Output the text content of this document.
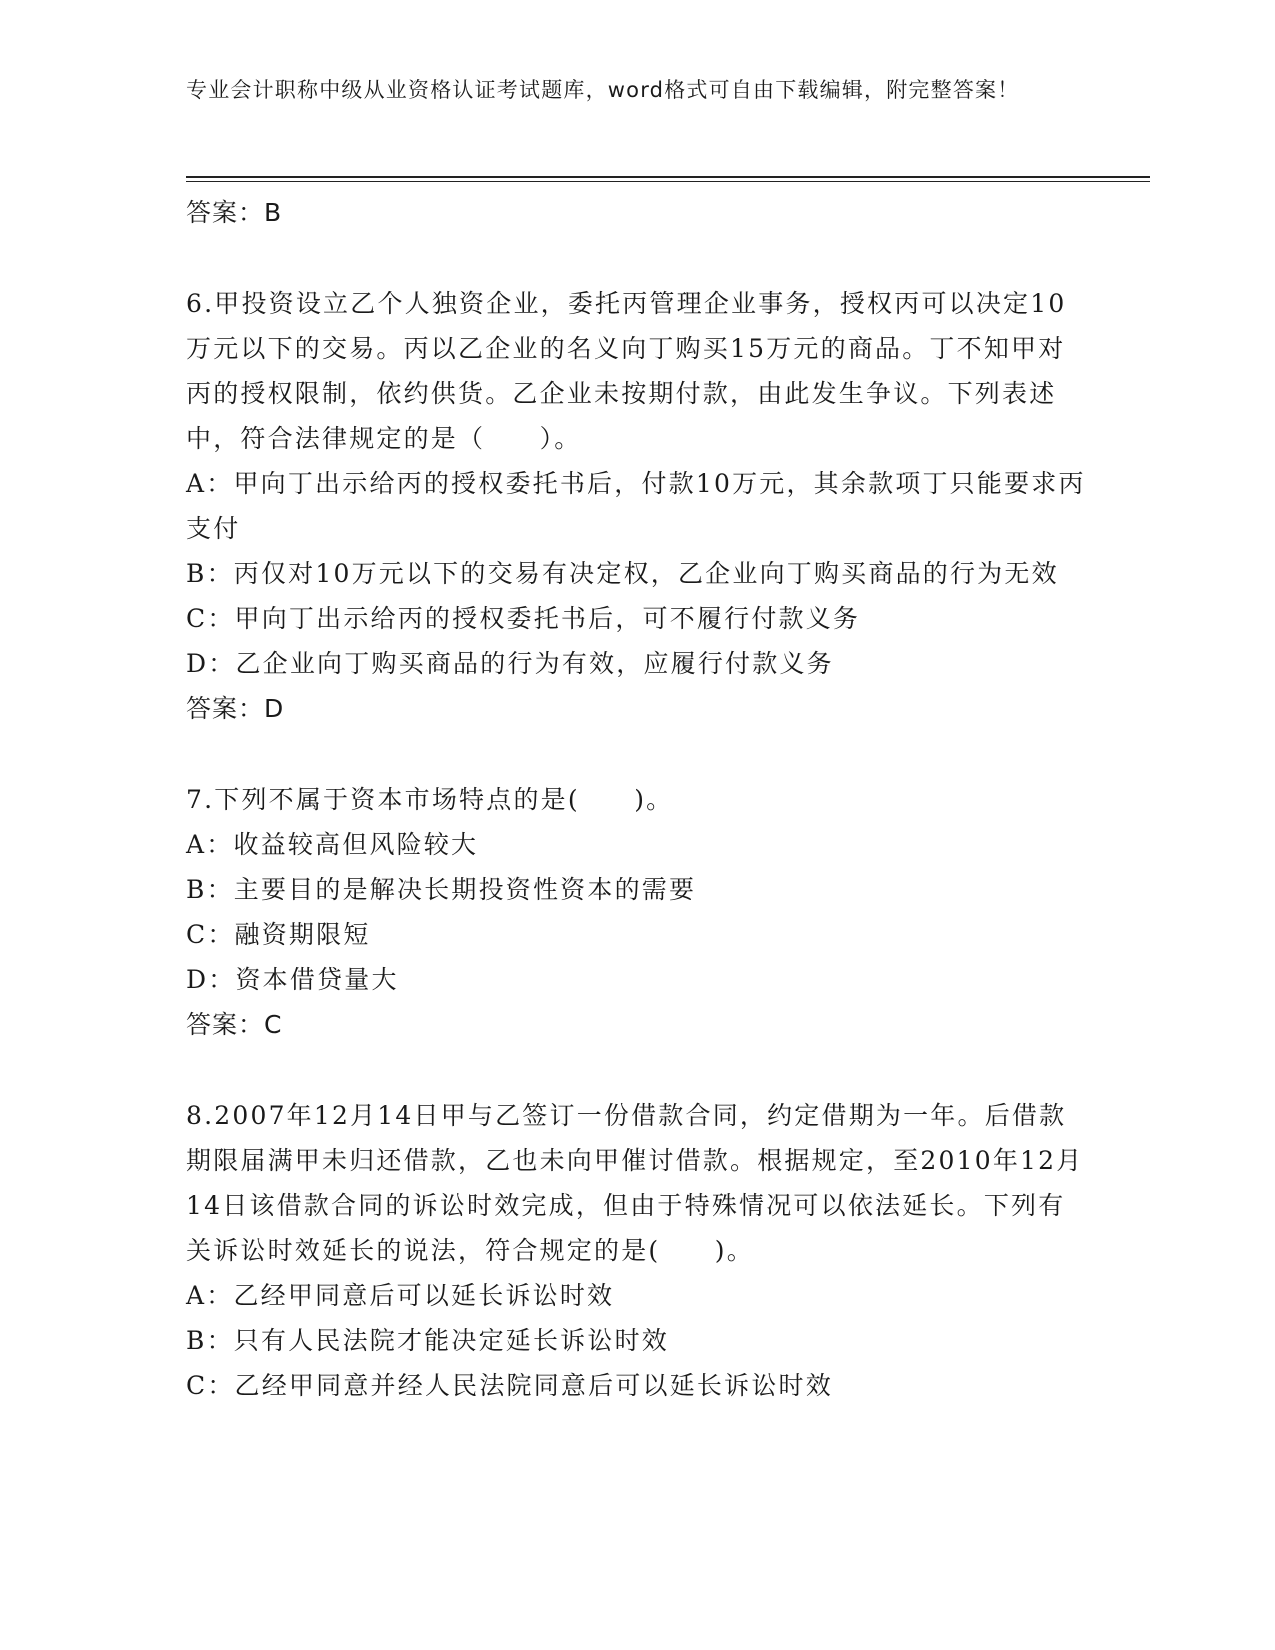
专业会计职称中级从业资格认证考试题库，word格式可自由下载编辑，附完整答案！
答案：B
6.甲投资设立乙个人独资企业，委托丙管理企业事务，授权丙可以决定10万元以下的交易。丙以乙企业的名义向丁购买15万元的商品。丁不知甲对丙的授权限制，依约供货。乙企业未按期付款，由此发生争议。下列表述中，符合法律规定的是（　　）。
A：甲向丁出示给丙的授权委托书后，付款10万元，其余款项丁只能要求丙支付
B：丙仅对10万元以下的交易有决定权，乙企业向丁购买商品的行为无效
C：甲向丁出示给丙的授权委托书后，可不履行付款义务
D：乙企业向丁购买商品的行为有效，应履行付款义务
答案：D
7.下列不属于资本市场特点的是(　　)。
A：收益较高但风险较大
B：主要目的是解决长期投资性资本的需要
C：融资期限短
D：资本借贷量大
答案：C
8.2007年12月14日甲与乙签订一份借款合同，约定借期为一年。后借款期限届满甲未归还借款，乙也未向甲催讨借款。根据规定，至2010年12月14日该借款合同的诉讼时效完成，但由于特殊情况可以依法延长。下列有关诉讼时效延长的说法，符合规定的是(　　)。
A：乙经甲同意后可以延长诉讼时效
B：只有人民法院才能决定延长诉讼时效
C：乙经甲同意并经人民法院同意后可以延长诉讼时效
